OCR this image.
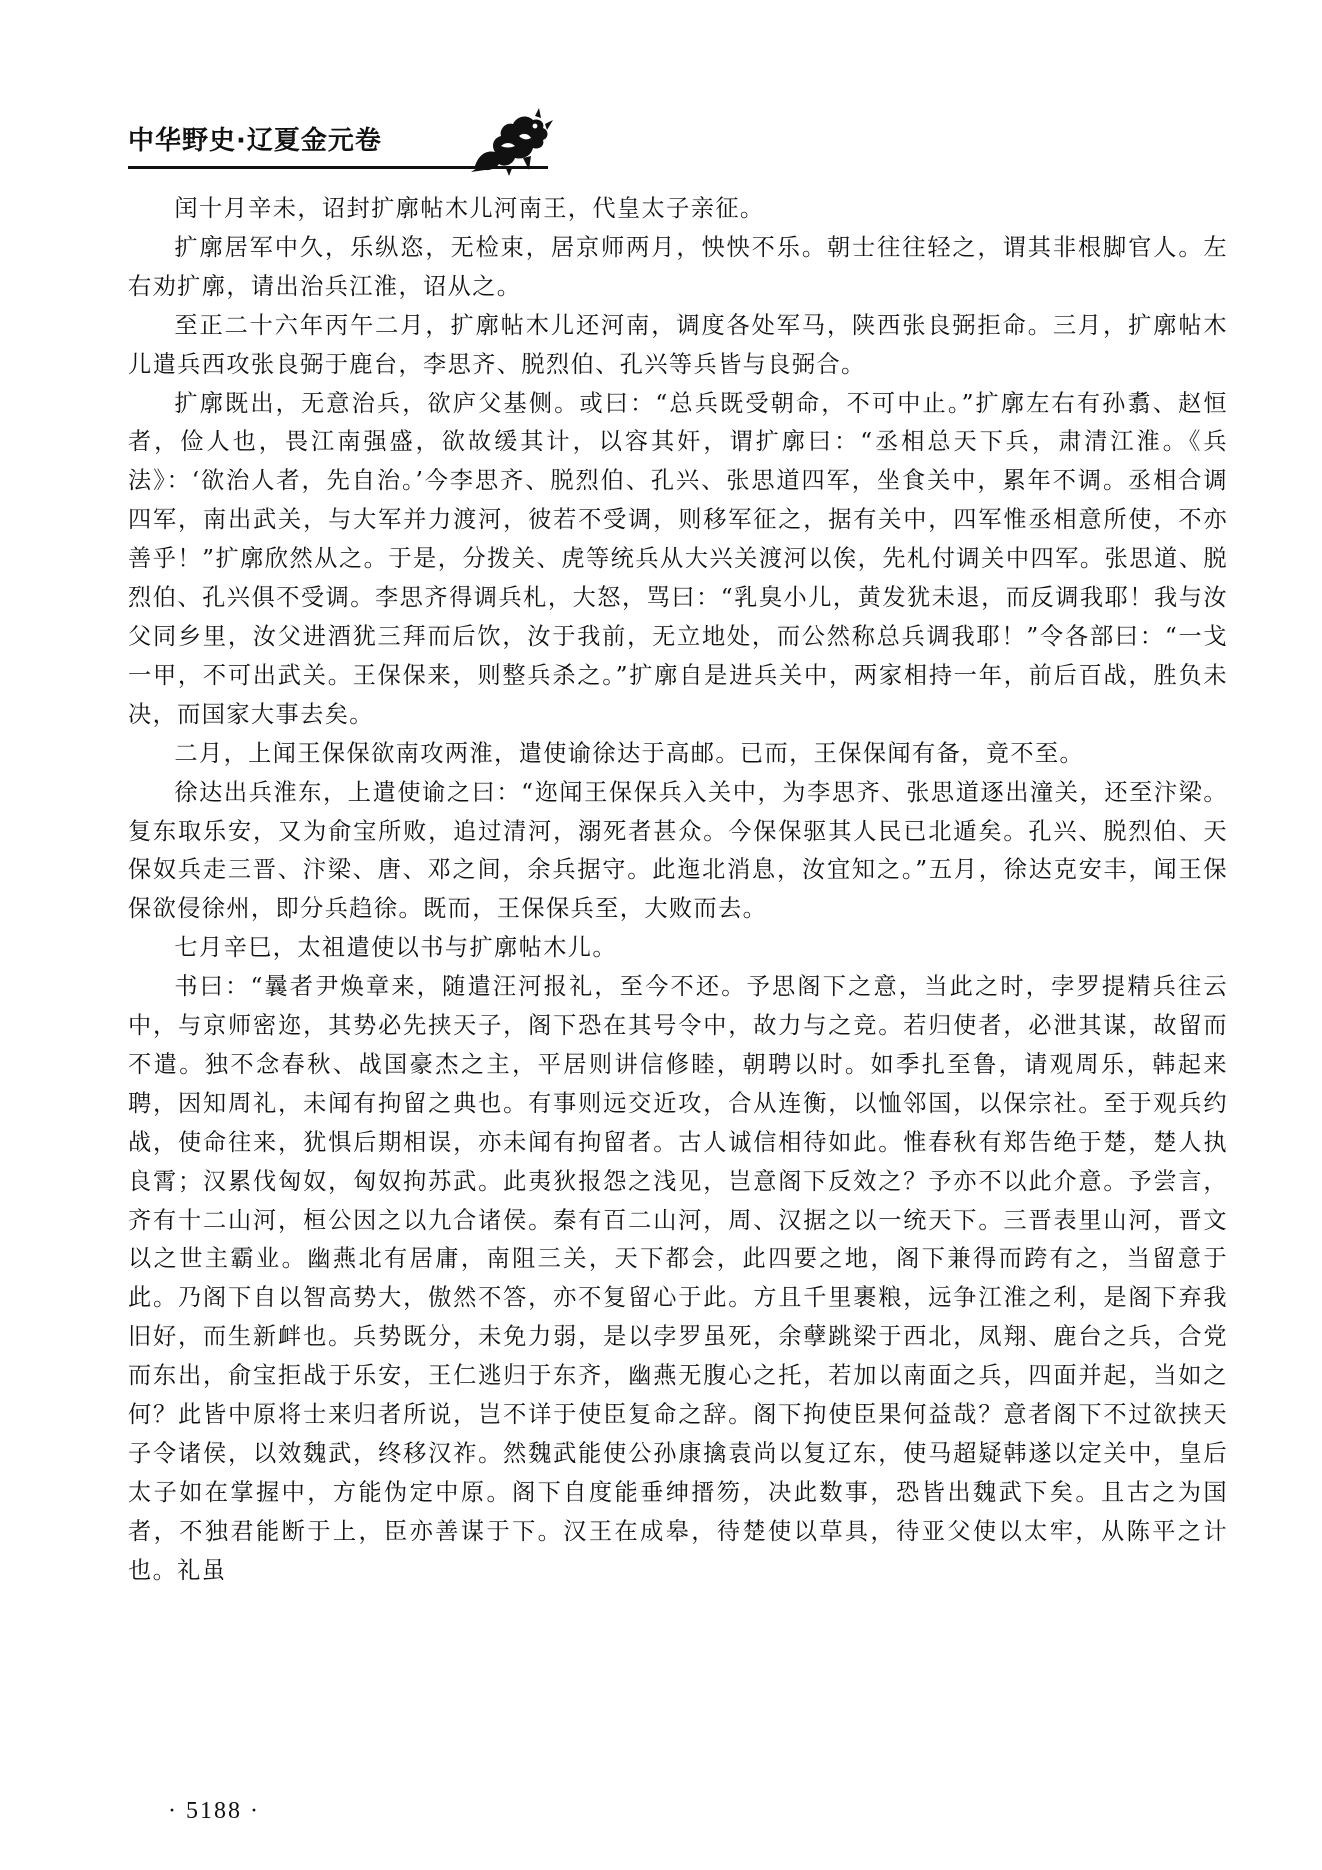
中华野史·辽夏金元卷

闰十月辛未，诏封扩廓帖木儿河南王，代皇太子亲征。

扩廓居军中久，乐纵恣，无检束，居京师两月，怏怏不乐。朝士往往轻之，谓其非根脚官人。左右劝扩廓，请出治兵江淮，诏从之。

至正二十六年丙午二月，扩廓帖木儿还河南，调度各处军马，陕西张良弼拒命。三月，扩廓帖木儿遣兵西攻张良弼于鹿台，李思齐、脱烈伯、孔兴等兵皆与良弼合。

扩廓既出，无意治兵，欲庐父基侧。或曰：“总兵既受朝命，不可中止。”扩廓左右有孙翥、赵恒者，俭人也，畏江南强盛，欲故缓其计，以容其奸，谓扩廓曰：“丞相总天下兵，肃清江淮。《兵法》：‘欲治人者，先自治。’今李思齐、脱烈伯、孔兴、张思道四军，坐食关中，累年不调。丞相合调四军，南出武关，与大军并力渡河，彼若不受调，则移军征之，据有关中，四军惟丞相意所使，不亦善乎！”扩廓欣然从之。于是，分拨关、虎等统兵从大兴关渡河以俟，先札付调关中四军。张思道、脱烈伯、孔兴俱不受调。李思齐得调兵札，大怒，骂曰：“乳臭小儿，黄发犹未退，而反调我耶！我与汝父同乡里，汝父进酒犹三拜而后饮，汝于我前，无立地处，而公然称总兵调我耶！”令各部曰：“一戈一甲，不可出武关。王保保来，则整兵杀之。”扩廓自是进兵关中，两家相持一年，前后百战，胜负未决，而国家大事去矣。

二月，上闻王保保欲南攻两淮，遣使谕徐达于高邮。已而，王保保闻有备，竟不至。

徐达出兵淮东，上遣使谕之曰：“迩闻王保保兵入关中，为李思齐、张思道逐出潼关，还至汴梁。复东取乐安，又为俞宝所败，追过清河，溺死者甚众。今保保驱其人民已北遁矣。孔兴、脱烈伯、天保奴兵走三晋、汴梁、唐、邓之间，余兵据守。此迤北消息，汝宜知之。”五月，徐达克安丰，闻王保保欲侵徐州，即分兵趋徐。既而，王保保兵至，大败而去。

七月辛巳，太祖遣使以书与扩廓帖木儿。

书曰：“曩者尹焕章来，随遣汪河报礼，至今不还。予思阁下之意，当此之时，孛罗提精兵往云中，与京师密迩，其势必先挟天子，阁下恐在其号令中，故力与之竞。若归使者，必泄其谋，故留而不遣。独不念春秋、战国豪杰之主，平居则讲信修睦，朝聘以时。如季扎至鲁，请观周乐，韩起来聘，因知周礼，未闻有拘留之典也。有事则远交近攻，合从连衡，以恤邻国，以保宗社。至于观兵约战，使命往来，犹惧后期相误，亦未闻有拘留者。古人诚信相待如此。惟春秋有郑告绝于楚，楚人执良霄；汉累伐匈奴，匈奴拘苏武。此夷狄报怨之浅见，岂意阁下反效之？予亦不以此介意。予尝言，齐有十二山河，桓公因之以九合诸侯。秦有百二山河，周、汉据之以一统天下。三晋表里山河，晋文以之世主霸业。幽燕北有居庸，南阻三关，天下都会，此四要之地，阁下兼得而跨有之，当留意于此。乃阁下自以智高势大，傲然不答，亦不复留心于此。方且千里裹粮，远争江淮之利，是阁下弃我旧好，而生新衅也。兵势既分，未免力弱，是以孛罗虽死，余孽跳梁于西北，凤翔、鹿台之兵，合党而东出，俞宝拒战于乐安，王仁逃归于东齐，幽燕无腹心之托，若加以南面之兵，四面并起，当如之何？此皆中原将士来归者所说，岂不详于使臣复命之辞。阁下拘使臣果何益哉？意者阁下不过欲挟天子令诸侯，以效魏武，终移汉祚。然魏武能使公孙康擒袁尚以复辽东，使马超疑韩遂以定关中，皇后太子如在掌握中，方能伪定中原。阁下自度能垂绅搢笏，决此数事，恐皆出魏武下矣。且古之为国者，不独君能断于上，臣亦善谋于下。汉王在成皋，待楚使以草具，待亚父使以太牢，从陈平之计也。礼虽

· 5188 ·
